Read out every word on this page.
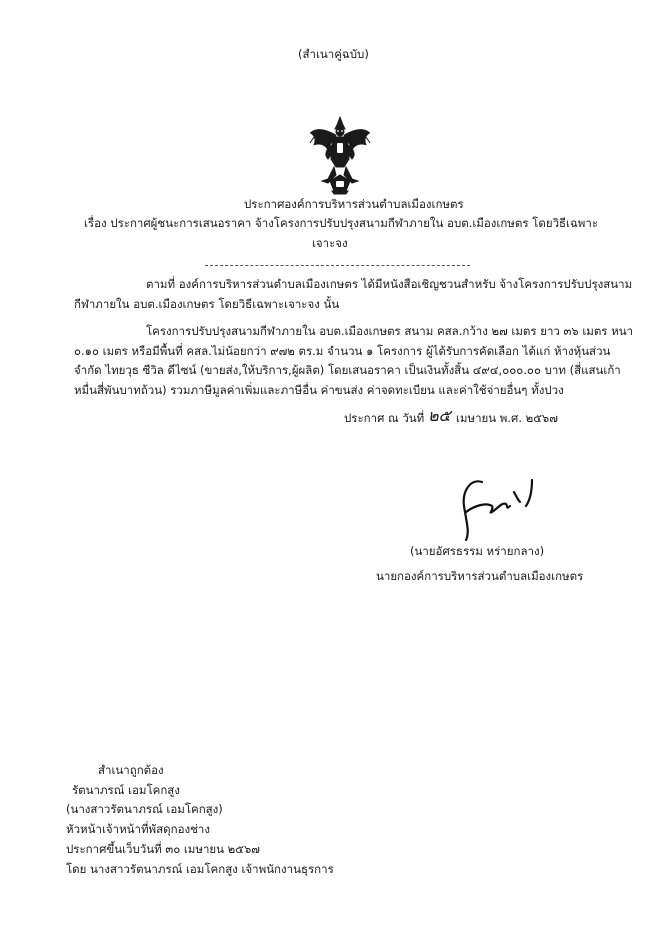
(สำเนาคู่ฉบับ)
ประกาศองค์การบริหารส่วนตำบลเมืองเกษตร
เรื่อง ประกาศผู้ชนะการเสนอราคา จ้างโครงการปรับปรุงสนามกีฬาภายใน อบต.เมืองเกษตร โดยวิธีเฉพาะ
เจาะจง
ตามที่ องค์การบริหารส่วนตำบลเมืองเกษตร ได้มีหนังสือเชิญชวนสำหรับ จ้างโครงการปรับปรุงสนาม
กีฬาภายใน อบต.เมืองเกษตร โดยวิธีเฉพาะเจาะจง นั้น
โครงการปรับปรุงสนามกีฬาภายใน อบต.เมืองเกษตร สนาม คสล.กว้าง ๒๗ เมตร ยาว ๓๖ เมตร หนา
๐.๑๐ เมตร หรือมีพื้นที่ คสล.ไม่น้อยกว่า ๙๗๒ ตร.ม จำนวน ๑ โครงการ ผู้ได้รับการคัดเลือก ได้แก่ ห้างหุ้นส่วน
จำกัด ไทยวุธ ซีวิล ดีไซน์ (ขายส่ง,ให้บริการ,ผู้ผลิต) โดยเสนอราคา เป็นเงินทั้งสิ้น ๔๙๔,๐๐๐.๐๐ บาท (สี่แสนเก้า
หมื่นสี่พันบาทถ้วน) รวมภาษีมูลค่าเพิ่มและภาษีอื่น ค่าขนส่ง ค่าจดทะเบียน และค่าใช้จ่ายอื่นๆ ทั้งปวง
ประกาศ ณ วันที่ ๒๕ เมษายน พ.ศ. ๒๕๖๗
(นายอัศรธรรม หร่ายกลาง)
นายกองค์การบริหารส่วนตำบลเมืองเกษตร
สำเนาถูกต้อง
รัตนาภรณ์ เอมโคกสูง
(นางสาวรัตนาภรณ์ เอมโคกสูง)
หัวหน้าเจ้าหน้าที่พัสดุกองช่าง
ประกาศขึ้นเว็บวันที่ ๓๐ เมษายน ๒๕๖๗
โดย นางสาวรัตนาภรณ์ เอมโคกสูง เจ้าพนักงานธุรการ
